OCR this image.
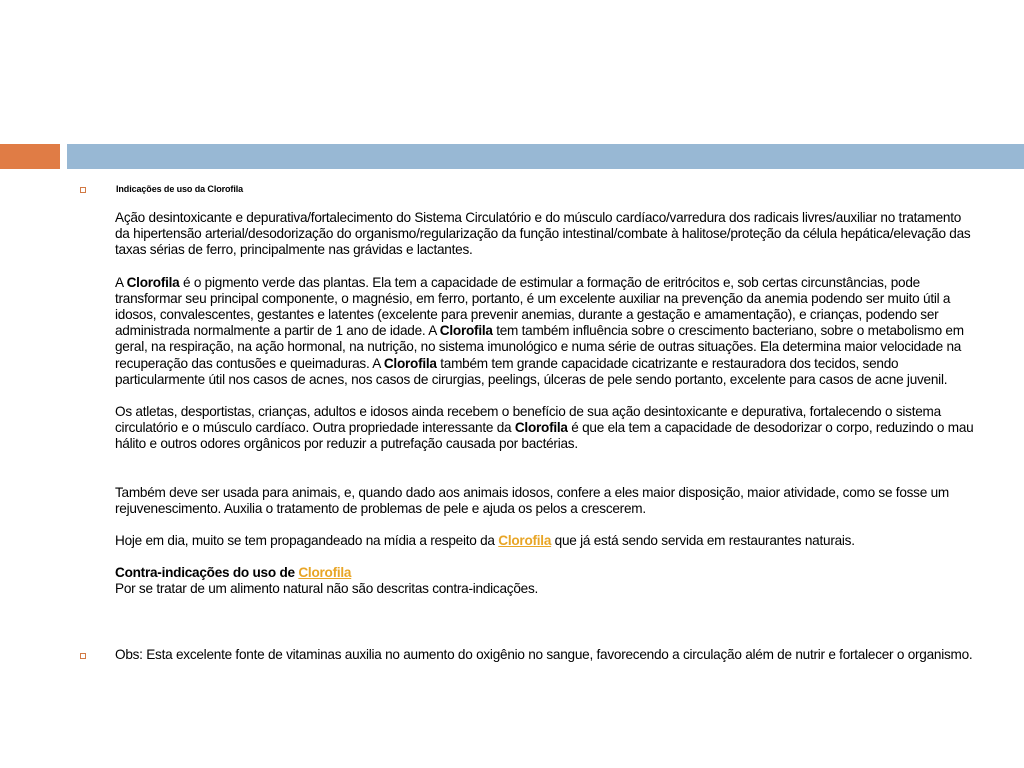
Indicações de uso da Clorofila

Ação desintoxicante e depurativa/fortalecimento do Sistema Circulatório e do músculo cardíaco/varredura dos radicais livres/auxiliar no tratamento da hipertensão arterial/desodorização do organismo/regularização da função intestinal/combate à halitose/proteção da célula hepática/elevação das taxas sérias de ferro, principalmente nas grávidas e lactantes.

A Clorofila é o pigmento verde das plantas. Ela tem a capacidade de estimular a formação de eritrócitos e, sob certas circunstâncias, pode transformar seu principal componente, o magnésio, em ferro, portanto, é um excelente auxiliar na prevenção da anemia podendo ser muito útil a idosos, convalescentes, gestantes e latentes (excelente para prevenir anemias, durante a gestação e amamentação), e crianças, podendo ser administrada normalmente a partir de 1 ano de idade. A Clorofila tem também influência sobre o crescimento bacteriano, sobre o metabolismo em geral, na respiração, na ação hormonal, na nutrição, no sistema imunológico e numa série de outras situações. Ela determina maior velocidade na recuperação das contusões e queimaduras. A Clorofila também tem grande capacidade cicatrizante e restauradora dos tecidos, sendo particularmente útil nos casos de acnes, nos casos de cirurgias, peelings, úlceras de pele sendo portanto, excelente para casos de acne juvenil.

Os atletas, desportistas, crianças, adultos e idosos ainda recebem o benefício de sua ação desintoxicante e depurativa, fortalecendo o sistema circulatório e o músculo cardíaco. Outra propriedade interessante da Clorofila é que ela tem a capacidade de desodorizar o corpo, reduzindo o mau hálito e outros odores orgânicos por reduzir a putrefação causada por bactérias.

Também deve ser usada para animais, e, quando dado aos animais idosos, confere a eles maior disposição, maior atividade, como se fosse um rejuvenescimento. Auxilia o tratamento de problemas de pele e ajuda os pelos a crescerem.

Hoje em dia, muito se tem propagandeado na mídia a respeito da Clorofila que já está sendo servida em restaurantes naturais.

Contra-indicações do uso de Clorofila

Por se tratar de um alimento natural não são descritas contra-indicações.

Obs: Esta excelente fonte de vitaminas auxilia no aumento do oxigênio no sangue, favorecendo a circulação além de nutrir e fortalecer o organismo.
